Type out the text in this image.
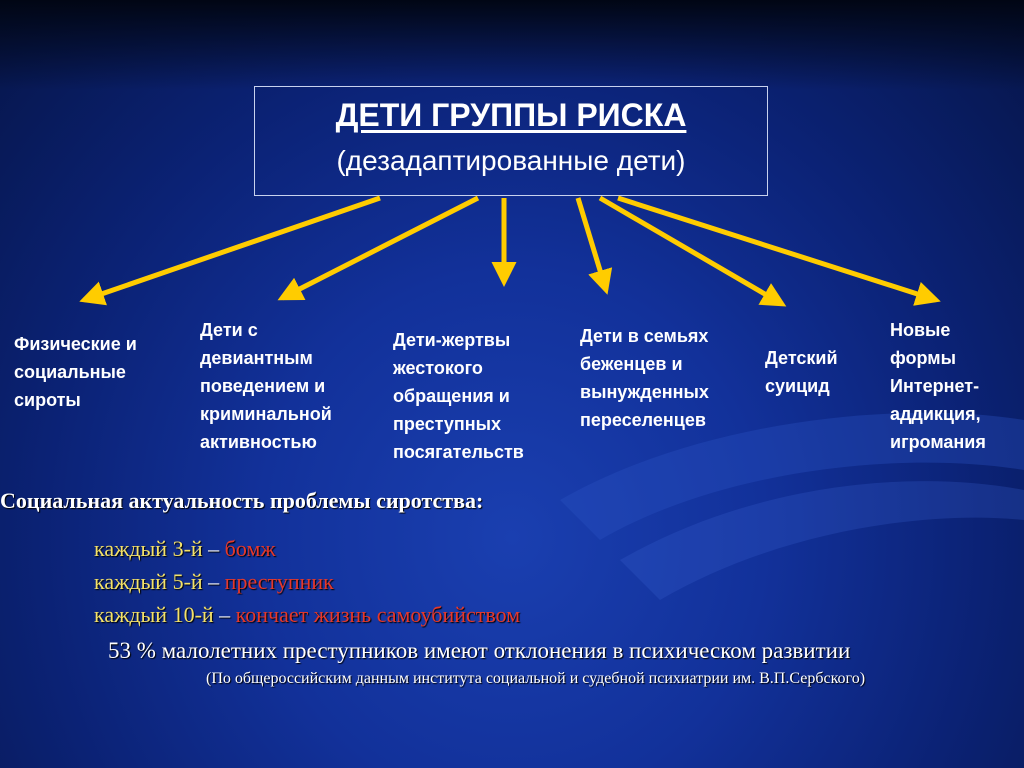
ДЕТИ ГРУППЫ РИСКА
(дезадаптированные дети)
Физические и
социальные
сироты
Дети с
девиантным
поведением и
криминальной
активностью
Дети-жертвы
жестокого
обращения и
преступных
посягательств
Дети в семьях
беженцев и
вынужденных
переселенцев
Детский
суицид
Новые
формы
Интернет-
аддикция,
игромания
Социальная актуальность проблемы сиротства:
каждый 3-й – бомж
каждый 5-й – преступник
каждый 10-й – кончает жизнь самоубийством
53 % малолетних преступников имеют отклонения в психическом развитии
(По общероссийским данным института социальной и судебной психиатрии им. В.П.Сербского)
